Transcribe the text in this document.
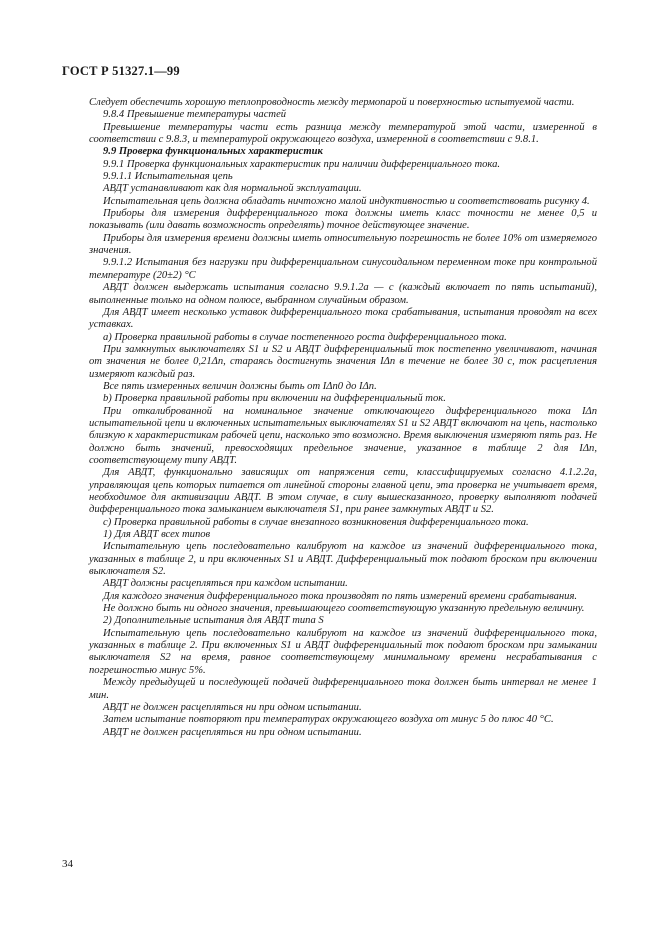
ГОСТ Р 51327.1—99

Следует обеспечить хорошую теплопроводность между термопарой и поверхностью испытуемой части.

9.8.4 Превышение температуры частей

Превышение температуры части есть разница между температурой этой части, измеренной в соответствии с 9.8.3, и температурой окружающего воздуха, измеренной в соответствии с 9.8.1.

9.9 Проверка функциональных характеристик

9.9.1 Проверка функциональных характеристик при наличии дифференциального тока.

9.9.1.1 Испытательная цепь

АВДТ устанавливают как для нормальной эксплуатации.

Испытательная цепь должна обладать ничтожно малой индуктивностью и соответствовать рисунку 4.

Приборы для измерения дифференциального тока должны иметь класс точности не менее 0,5 и показывать (или давать возможность определять) точное действующее значение.

Приборы для измерения времени должны иметь относительную погрешность не более 10% от измеряемого значения.

9.9.1.2 Испытания без нагрузки при дифференциальном синусоидальном переменном токе при контрольной температуре (20±2) °С

АВДТ должен выдержать испытания согласно 9.9.1.2a — c (каждый включает по пять испытаний), выполненные только на одном полюсе, выбранном случайным образом.

Для АВДТ имеет несколько уставок дифференциального тока срабатывания, испытания проводят на всех уставках.

a) Проверка правильной работы в случае постепенного роста дифференциального тока.

При замкнутых выключателях S1 и S2 и АВДТ дифференциальный ток постепенно увеличивают, начиная от значения не более 0,21Δn, стараясь достигнуть значения IΔn в течение не более 30 с, ток расцепления измеряют каждый раз.

Все пять измеренных величин должны быть от IΔn0 до IΔn.

b) Проверка правильной работы при включении на дифференциальный ток.

При откалиброванной на номинальное значение отключающего дифференциального тока IΔn испытательной цепи и включенных испытательных выключателях S1 и S2 АВДТ включают на цепь, настолько близкую к характеристикам рабочей цепи, насколько это возможно. Время выключения измеряют пять раз. Не должно быть значений, превосходящих предельное значение, указанное в таблице 2 для IΔn, соответствующему типу АВДТ.

Для АВДТ, функционально зависящих от напряжения сети, классифицируемых согласно 4.1.2.2a, управляющая цепь которых питается от линейной стороны главной цепи, эта проверка не учитывает время, необходимое для активизации АВДТ. В этом случае, в силу вышесказанного, проверку выполняют подачей дифференциального тока замыканием выключателя S1, при ранее замкнутых АВДТ и S2.

c) Проверка правильной работы в случае внезапного возникновения дифференциального тока.

1) Для АВДТ всех типов

Испытательную цепь последовательно калибруют на каждое из значений дифференциального тока, указанных в таблице 2, и при включенных S1 и АВДТ. Дифференциальный ток подают броском при включении выключателя S2.

АВДТ должны расцепляться при каждом испытании.

Для каждого значения дифференциального тока производят по пять измерений времени срабатывания.

Не должно быть ни одного значения, превышающего соответствующую указанную предельную величину.

2) Дополнительные испытания для АВДТ типа S

Испытательную цепь последовательно калибруют на каждое из значений дифференциального тока, указанных в таблице 2. При включенных S1 и АВДТ дифференциальный ток подают броском при замыкании выключателя S2 на время, равное соответствующему минимальному времени несрабатывания с погрешностью минус 5%.

Между предыдущей и последующей подачей дифференциального тока должен быть интервал не менее 1 мин.

АВДТ не должен расцепляться ни при одном испытании.

Затем испытание повторяют при температурах окружающего воздуха от минус 5 до плюс 40 °С.

АВДТ не должен расцепляться ни при одном испытании.

34
